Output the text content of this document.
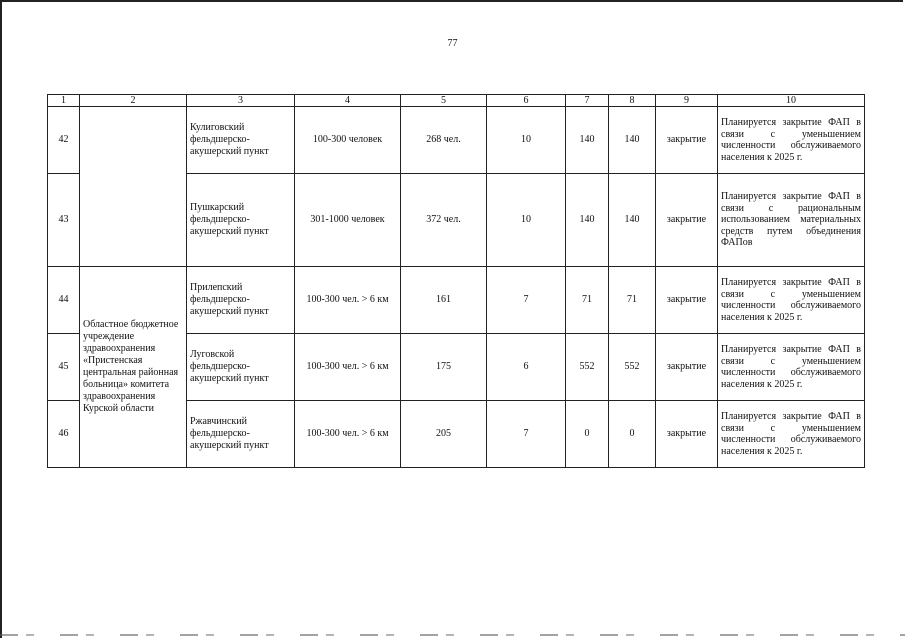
77
1	2	3	4	5	6	7	8	9	10
42		Кулиговский фельдшерско-акушерский пункт	100-300 человек	268 чел.	10	140	140	закрытие	Планируется закрытие ФАП в связи с уменьшением численности обслуживаемого населения к 2025 г.
43		Пушкарский фельдшерско-акушерский пункт	301-1000 человек	372 чел.	10	140	140	закрытие	Планируется закрытие ФАП в связи с рациональным использованием материальных средств путем объединения ФАПов
44	Областное бюджетное учреждение здравоохранения «Пристенская центральная районная больница» комитета здравоохранения Курской области	Прилепский фельдшерско-акушерский пункт	100-300 чел. > 6 км	161	7	71	71	закрытие	Планируется закрытие ФАП в связи с уменьшением численности обслуживаемого населения к 2025 г.
45		Луговской фельдшерско-акушерский пункт	100-300 чел. > 6 км	175	6	552	552	закрытие	Планируется закрытие ФАП в связи с уменьшением численности обслуживаемого населения к 2025 г.
46		Ржавчинский фельдшерско-акушерский пункт	100-300 чел. > 6 км	205	7	0	0	закрытие	Планируется закрытие ФАП в связи с уменьшением численности обслуживаемого населения к 2025 г.
